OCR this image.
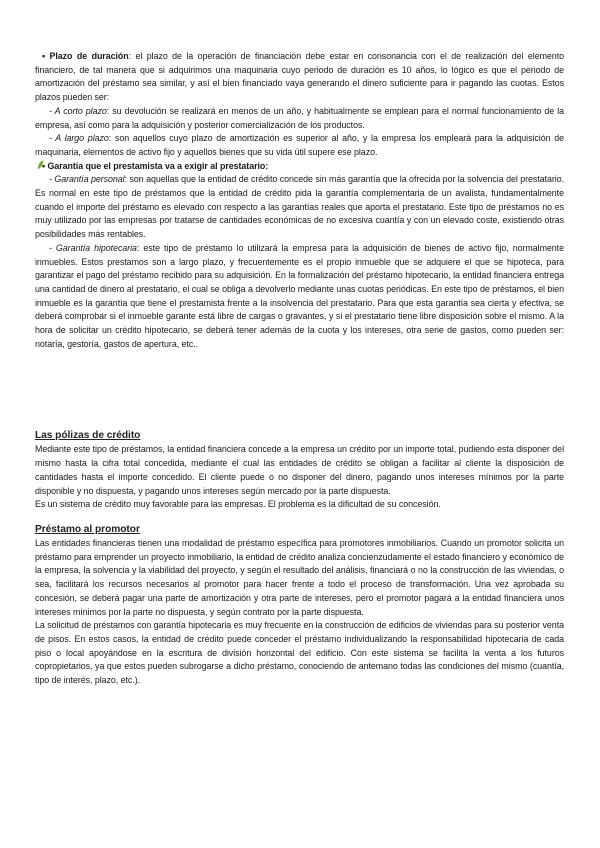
• Plazo de duración: el plazo de la operación de financiación debe estar en consonancia con el de realización del elemento financiero, de tal manera que si adquirimos una maquinaria cuyo periodo de duración es 10 años, lo lógico es que el periodo de amortización del préstamo sea similar, y así el bien financiado vaya generando el dinero suficiente para ir pagando las cuotas. Estos plazos pueden ser:

- A corto plazo: su devolución se realizará en menos de un año, y habitualmente se emplean para el normal funcionamiento de la empresa, así como para la adquisición y posterior comercialización de los productos.

- A largo plazo: son aquellos cuyo plazo de amortización es superior al año, y la empresa los empleará para la adquisición de maquinaria, elementos de activo fijo y aquellos bienes que su vida útil supere ese plazo.

• Garantía que el prestamista va a exigir al prestatario:

- Garantía personal: son aquellas que la entidad de crédito concede sin más garantía que la ofrecida por la solvencia del prestatario. Es normal en este tipo de préstamos que la entidad de crédito pida la garantía complementaria de un avalista, fundamentalmente cuando el importe del préstamo es elevado con respecto a las garantías reales que aporta el prestatario. Este tipo de préstamos no es muy utilizado por las empresas por tratarse de cantidades económicas de no excesiva cuantía y con un elevado coste, existiendo otras posibilidades más rentables.

- Garantía hipotecaria: este tipo de préstamo lo utilizará la empresa para la adquisición de bienes de activo fijo, normalmente inmuebles. Estos prestamos son a largo plazo, y frecuentemente es el propio inmueble que se adquiere el que se hipoteca, para garantizar el pago del préstamo recibido para su adquisición. En la formalización del préstamo hipotecario, la entidad financiera entrega una cantidad de dinero al prestatario, el cual se obliga a devolverlo mediante unas cuotas periódicas. En este tipo de préstamos, el bien inmueble es la garantía que tiene el prestamista frente a la insolvencia del prestatario. Para que esta garantía sea cierta y efectiva, se deberá comprobar si el inmueble garante está libre de cargas o gravantes, y si el prestatario tiene libre disposición sobre el mismo. A la hora de solicitar un crédito hipotecario, se deberá tener además de la cuota y los intereses, otra serie de gastos, como pueden ser: notaría, gestoría, gastos de apertura, etc..

Las pólizas de crédito

Mediante este tipo de préstamos, la entidad financiera concede a la empresa un crédito por un importe total, pudiendo esta disponer del mismo hasta la cifra total concedida, mediante el cual las entidades de crédito se obligan a facilitar al cliente la disposición de cantidades hasta el importe concedido. El cliente puede o no disponer del dinero, pagando unos intereses mínimos por la parte disponible y no dispuesta, y pagando unos intereses según mercado por la parte dispuesta.

Es un sistema de crédito muy favorable para las empresas. El problema es la dificultad de su concesión.

Préstamo al promotor

Las entidades financieras tienen una modalidad de préstamo específica para promotores inmobiliarios. Cuando un promotor solicita un préstamo para emprender un proyecto inmobiliario, la entidad de crédito analiza concienzudamente el estado financiero y económico de la empresa, la solvencia y la viabilidad del proyecto, y según el resultado del análisis, financiará o no la construcción de las viviendas, o sea, facilitará los recursos necesarios al promotor para hacer frente a todo el proceso de transformación. Una vez aprobada su concesión, se deberá pagar una parte de amortización y otra parte de intereses, pero el promotor pagará a la entidad financiera unos intereses mínimos por la parte no dispuesta, y según contrato por la parte dispuesta.

La solicitud de préstamos con garantía hipotecaria es muy frecuente en la construcción de edificios de viviendas para su posterior venta de pisos. En estos casos, la entidad de crédito puede conceder el préstamo individualizando la responsabilidad hipotecaria de cada piso o local apoyándose en la escritura de división horizontal del edificio. Con este sistema se facilita la venta a los futuros copropietarios, ya que estos pueden subrogarse a dicho préstamo, conociendo de antemano todas las condiciones del mismo (cuantía, tipo de interés, plazo, etc.).
